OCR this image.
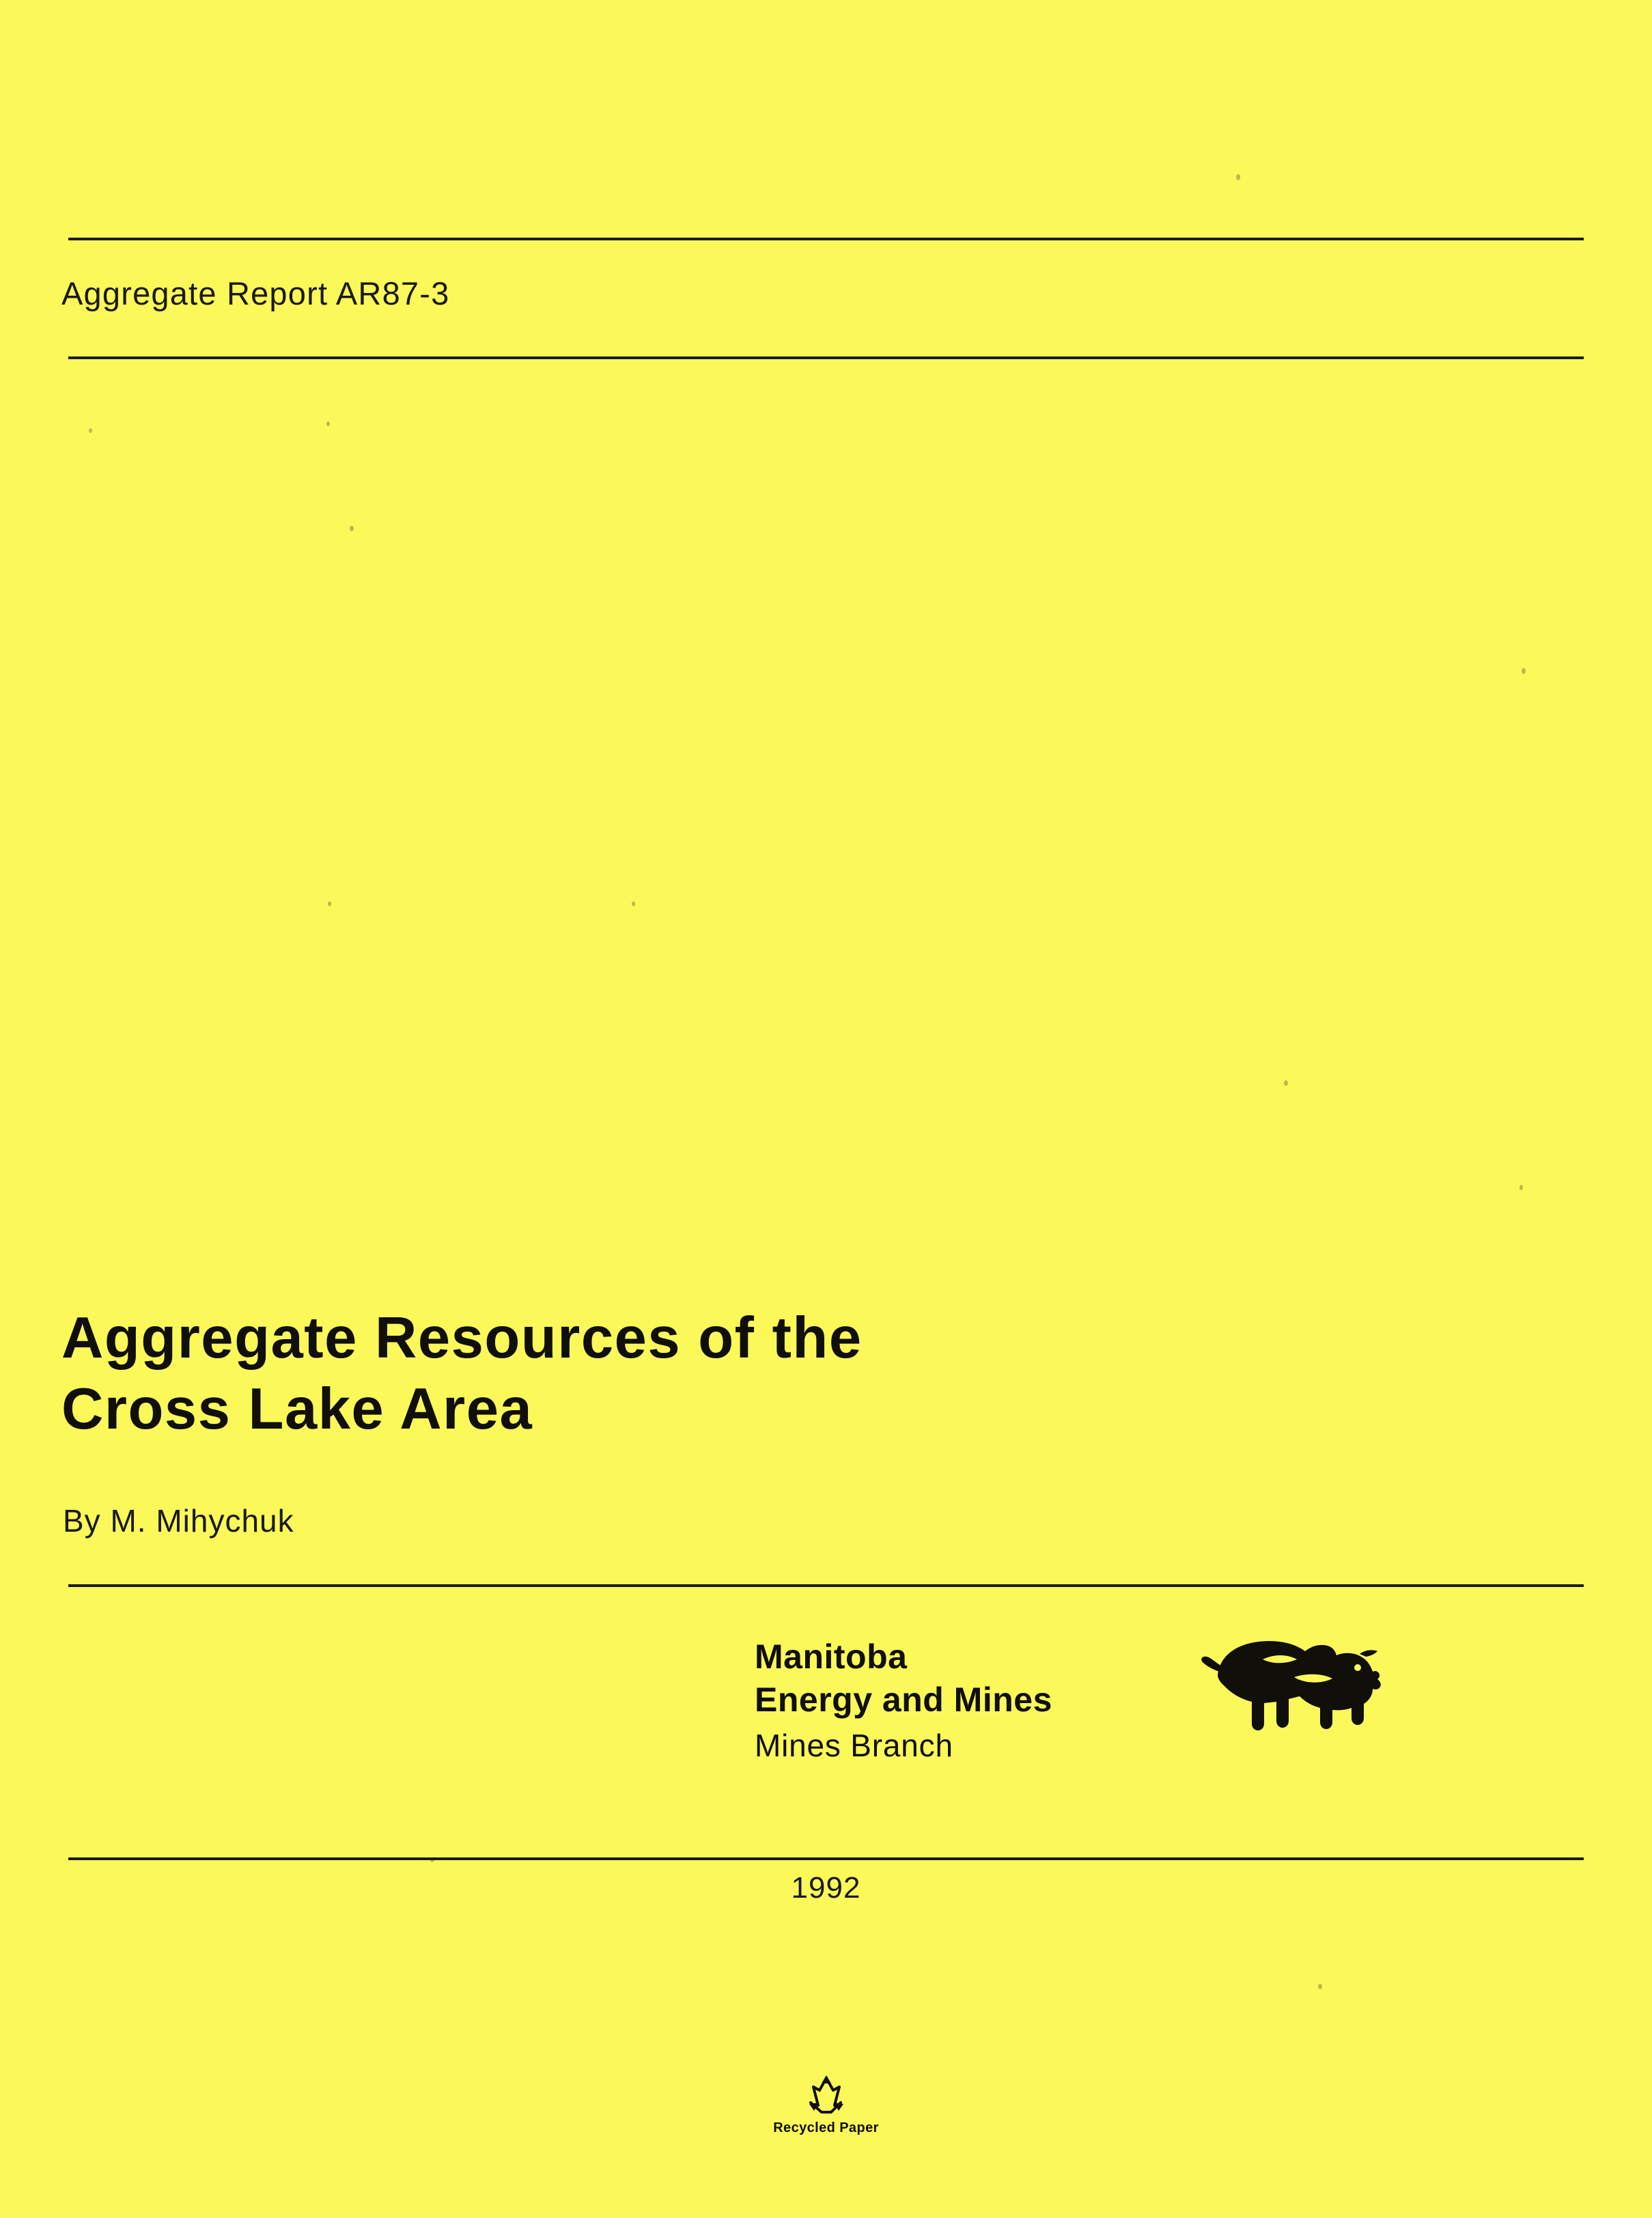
Aggregate Report AR87-3
Aggregate Resources of the
Cross Lake Area
By M. Mihychuk
Manitoba
Energy and Mines
Mines Branch
1992
Recycled Paper
